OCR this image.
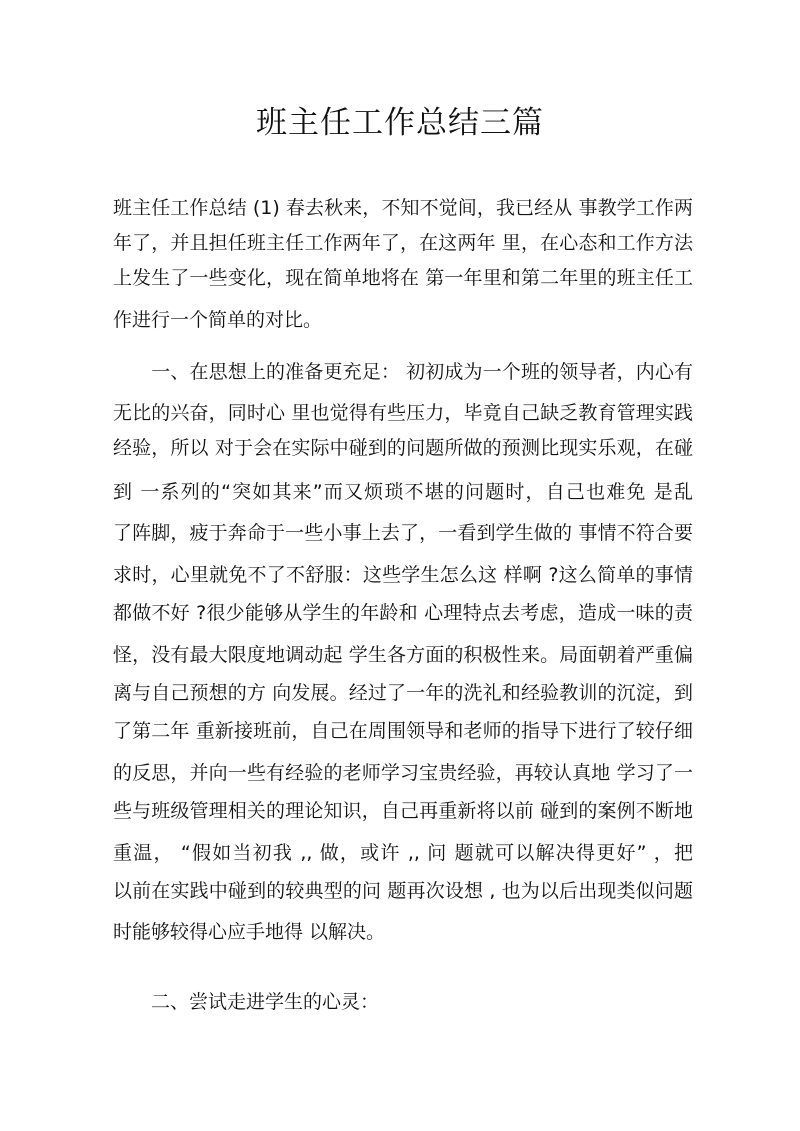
班主任工作总结三篇
班主任工作总结 (1) 春去秋来，不知不觉间，我已经从 事教学工作两
年了，并且担任班主任工作两年了，在这两年 里，在心态和工作方法
上发生了一些变化，现在简单地将在 第一年里和第二年里的班主任工
作进行一个简单的对比。
　　一、在思想上的准备更充足： 初初成为一个班的领导者，内心有
无比的兴奋，同时心 里也觉得有些压力，毕竟自己缺乏教育管理实践
经验，所以 对于会在实际中碰到的问题所做的预测比现实乐观，在碰
到 一系列的“突如其来”而又烦琐不堪的问题时，自己也难免 是乱
了阵脚，疲于奔命于一些小事上去了，一看到学生做的 事情不符合要
求时，心里就免不了不舒服：这些学生怎么这 样啊 ?这么简单的事情
都做不好 ?很少能够从学生的年龄和 心理特点去考虑，造成一味的责
怪，没有最大限度地调动起 学生各方面的积极性来。局面朝着严重偏
离与自己预想的方 向发展。经过了一年的洗礼和经验教训的沉淀，到
了第二年 重新接班前，自己在周围领导和老师的指导下进行了较仔细
的反思，并向一些有经验的老师学习宝贵经验，再较认真地 学习了一
些与班级管理相关的理论知识，自己再重新将以前 碰到的案例不断地
重温， “假如当初我 ,, 做，或许 ,, 问 题就可以解决得更好” ，把
以前在实践中碰到的较典型的问 题再次设想 , 也为以后出现类似问题
时能够较得心应手地得 以解决。
　　二、尝试走进学生的心灵：
